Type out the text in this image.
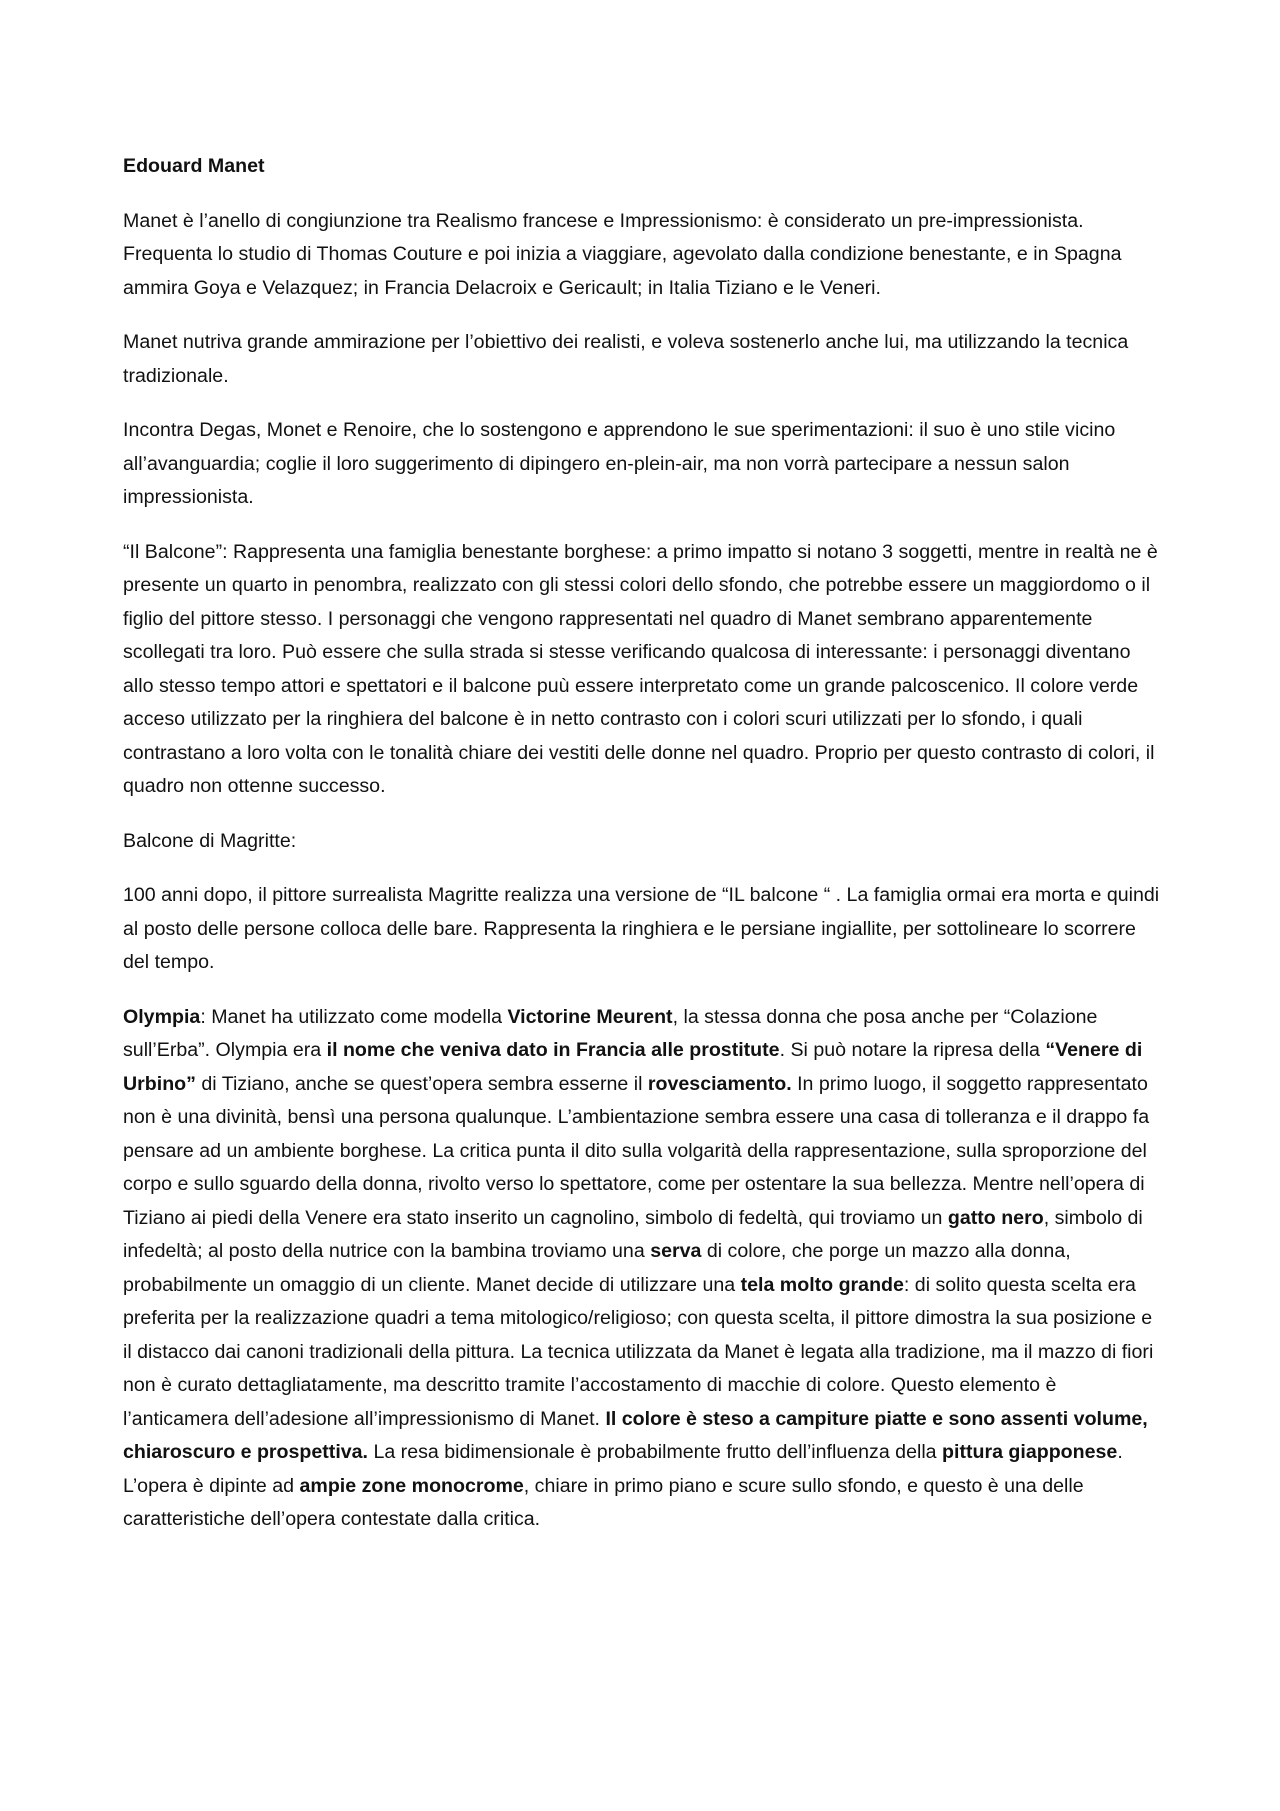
Edouard Manet

Manet è l’anello di congiunzione tra Realismo francese e Impressionismo: è considerato un pre-impressionista. Frequenta lo studio di Thomas Couture e poi inizia a viaggiare, agevolato dalla condizione benestante, e in Spagna ammira Goya e Velazquez; in Francia Delacroix e Gericault; in Italia Tiziano e le Veneri.

Manet nutriva grande ammirazione per l’obiettivo dei realisti, e voleva sostenerlo anche lui, ma utilizzando la tecnica tradizionale.

Incontra Degas, Monet e Renoire, che lo sostengono e apprendono le sue sperimentazioni: il suo è uno stile vicino all’avanguardia; coglie il loro suggerimento di dipingero en-plein-air, ma non vorrà partecipare a nessun salon impressionista.

“Il Balcone”: Rappresenta una famiglia benestante borghese: a primo impatto si notano 3 soggetti, mentre in realtà ne è presente un quarto in penombra, realizzato con gli stessi colori dello sfondo, che potrebbe essere un maggiordomo o il figlio del pittore stesso. I personaggi che vengono rappresentati nel quadro di Manet sembrano apparentemente scollegati tra loro. Può essere che sulla strada si stesse verificando qualcosa di interessante: i personaggi diventano allo stesso tempo attori e spettatori e il balcone puù essere interpretato come un grande palcoscenico. Il colore verde acceso utilizzato per la ringhiera del balcone è in netto contrasto con i colori scuri utilizzati per lo sfondo, i quali contrastano a loro volta con le tonalità chiare dei vestiti delle donne nel quadro. Proprio per questo contrasto di colori, il quadro non ottenne successo.

Balcone di Magritte:

100 anni dopo, il pittore surrealista Magritte realizza una versione de “IL balcone “ . La famiglia ormai era morta e quindi al posto delle persone colloca delle bare. Rappresenta la ringhiera e le persiane ingiallite, per sottolineare lo scorrere del tempo.

Olympia: Manet ha utilizzato come modella Victorine Meurent, la stessa donna che posa anche per “Colazione sull’Erba”. Olympia era il nome che veniva dato in Francia alle prostitute. Si può notare la ripresa della “Venere di Urbino” di Tiziano, anche se quest’opera sembra esserne il rovesciamento. In primo luogo, il soggetto rappresentato non è una divinità, bensì una persona qualunque. L’ambientazione sembra essere una casa di tolleranza e il drappo fa pensare ad un ambiente borghese. La critica punta il dito sulla volgarità della rappresentazione, sulla sproporzione del corpo e sullo sguardo della donna, rivolto verso lo spettatore, come per ostentare la sua bellezza. Mentre nell’opera di Tiziano ai piedi della Venere era stato inserito un cagnolino, simbolo di fedeltà, qui troviamo un gatto nero, simbolo di infedeltà; al posto della nutrice con la bambina troviamo una serva di colore, che porge un mazzo alla donna, probabilmente un omaggio di un cliente. Manet decide di utilizzare una tela molto grande: di solito questa scelta era preferita per la realizzazione quadri a tema mitologico/religioso; con questa scelta, il pittore dimostra la sua posizione e il distacco dai canoni tradizionali della pittura. La tecnica utilizzata da Manet è legata alla tradizione, ma il mazzo di fiori non è curato dettagliatamente, ma descritto tramite l’accostamento di macchie di colore. Questo elemento è l’anticamera dell’adesione all’impressionismo di Manet. Il colore è steso a campiture piatte e sono assenti volume, chiaroscuro e prospettiva. La resa bidimensionale è probabilmente frutto dell’influenza della pittura giapponese. L’opera è dipinte ad ampie zone monocrome, chiare in primo piano e scure sullo sfondo, e questo è una delle caratteristiche dell’opera contestate dalla critica.
